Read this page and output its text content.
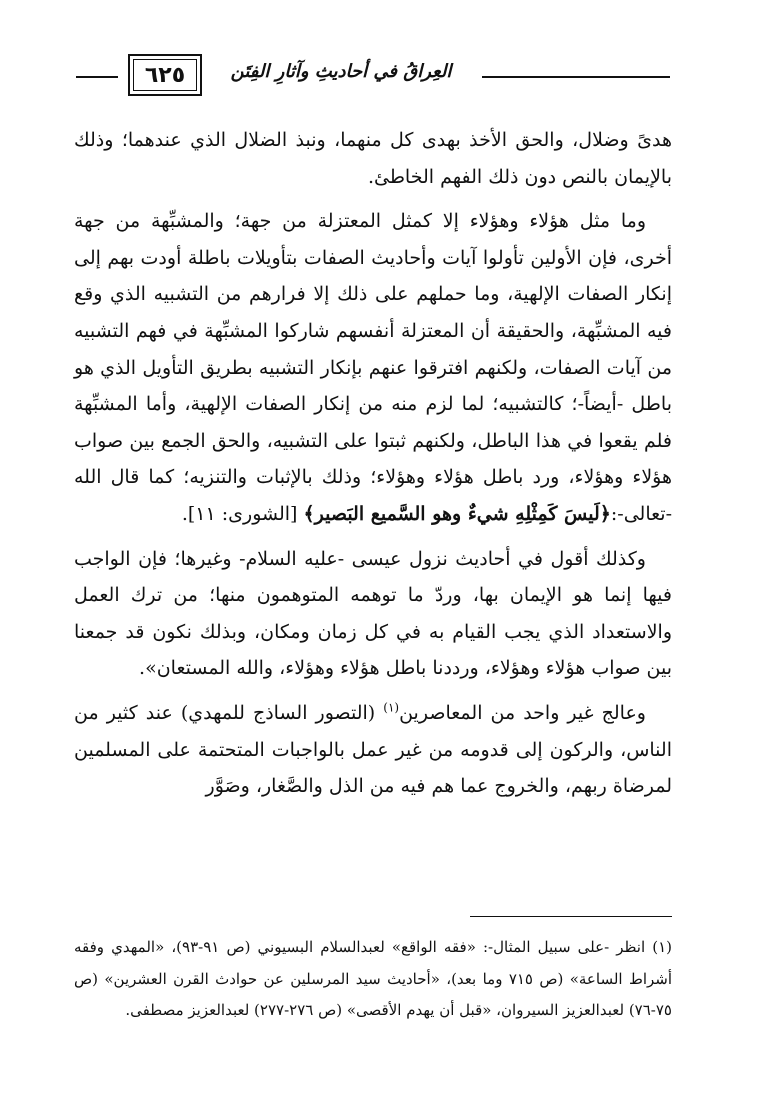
٦٢٥	العِراقُ في أحاديثِ وآثارِ الفِتَن

هدىً وضلال، والحق الأخذ بهدى كل منهما، ونبذ الضلال الذي عندهما؛ وذلك بالإيمان بالنص دون ذلك الفهم الخاطئ.

وما مثل هؤلاء وهؤلاء إلا كمثل المعتزلة من جهة؛ والمشبِّهة من جهة أخرى، فإن الأولين تأولوا آيات وأحاديث الصفات بتأويلات باطلة أودت بهم إلى إنكار الصفات الإلهية، وما حملهم على ذلك إلا فرارهم من التشبيه الذي وقع فيه المشبِّهة، والحقيقة أن المعتزلة أنفسهم شاركوا المشبِّهة في فهم التشبيه من آيات الصفات، ولكنهم افترقوا عنهم بإنكار التشبيه بطريق التأويل الذي هو باطل -أيضاً-؛ كالتشبيه؛ لما لزم منه من إنكار الصفات الإلهية، وأما المشبِّهة فلم يقعوا في هذا الباطل، ولكنهم ثبتوا على التشبيه، والحق الجمع بين صواب هؤلاء وهؤلاء، ورد باطل هؤلاء وهؤلاء؛ وذلك بالإثبات والتنزيه؛ كما قال الله -تعالى-:﴿لَيسَ كَمِثْلِهِ شيءٌ وهو السَّميع البَصير﴾ [الشورى: ١١].

وكذلك أقول في أحاديث نزول عيسى -عليه السلام- وغيرها؛ فإن الواجب فيها إنما هو الإيمان بها، وردّ ما توهمه المتوهمون منها؛ من ترك العمل والاستعداد الذي يجب القيام به في كل زمان ومكان، وبذلك نكون قد جمعنا بين صواب هؤلاء وهؤلاء، ورددنا باطل هؤلاء وهؤلاء، والله المستعان».

وعالج غير واحد من المعاصرين$^{(١)}$ (التصور الساذج للمهدي) عند كثير من الناس، والركون إلى قدومه من غير عمل بالواجبات المتحتمة على المسلمين لمرضاة ربهم، والخروج عما هم فيه من الذل والصَّغار، وصَوَّر

(١) انظر -على سبيل المثال-: «فقه الواقع» لعبدالسلام البسيوني (ص ٩١-٩٣)، «المهدي وفقه أشراط الساعة» (ص ٧١٥ وما بعد)، «أحاديث سيد المرسلين عن حوادث القرن العشرين» (ص ٧٥-٧٦) لعبدالعزيز السيروان، «قبل أن يهدم الأقصى» (ص ٢٧٦-٢٧٧) لعبدالعزيز مصطفى.
